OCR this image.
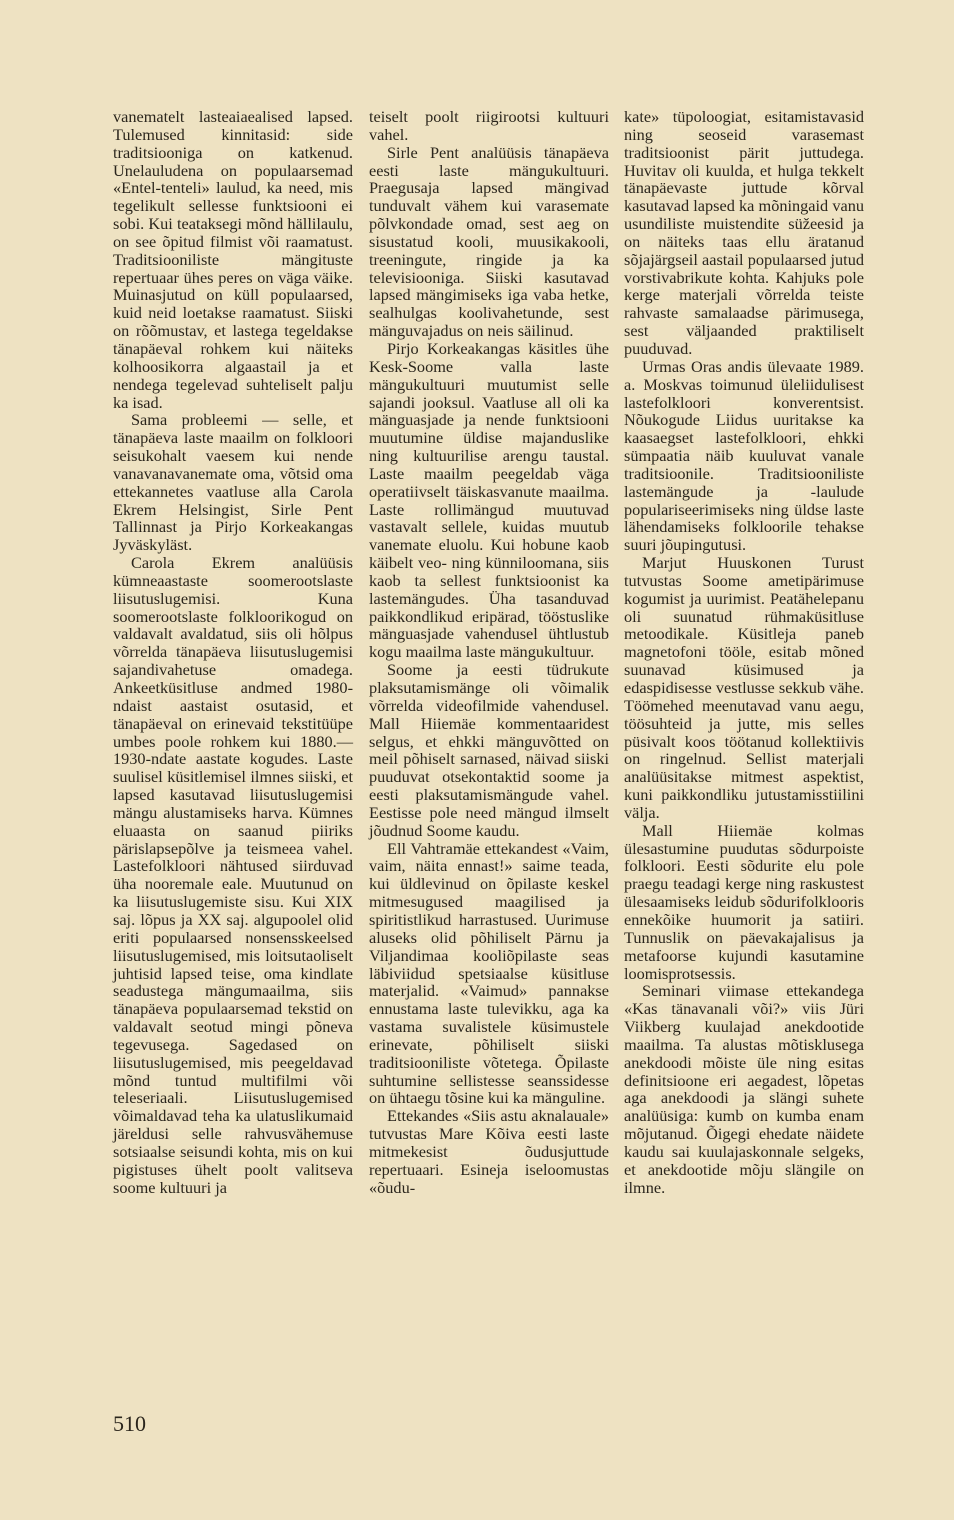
vanematelt lasteaiaealised lapsed. Tulemused kinnitasid: side traditsiooniga on katkenud. Unelauludena on populaarsemad «Entel-tenteli» laulud, ka need, mis tegelikult sellesse funktsiooni ei sobi. Kui teataksegi mõnd hällilaulu, on see õpitud filmist või raamatust. Traditsiooniliste mängituste repertuaar ühes peres on väga väike. Muinasjutud on küll populaarsed, kuid neid loetakse raamatust. Siiski on rõõmustav, et lastega tegeldakse tänapäeval rohkem kui näiteks kolhoosikorra algaastail ja et nendega tegelevad suhteliselt palju ka isad.

Sama probleemi — selle, et tänapäeva laste maailm on folkloori seisukohalt vaesem kui nende vanavanavanemate oma, võtsid oma ettekannetes vaatluse alla Carola Ekrem Helsingist, Sirle Pent Tallinnast ja Pirjo Korkeakangas Jyväskyläst.

Carola Ekrem analüüsis kümneaastaste soomerootslaste liisutuslugemisi. Kuna soomerootslaste folkloorikogud on valdavalt avaldatud, siis oli hõlpus võrrelda tänapäeva liisutuslugemisi sajandivahetuse omadega. Ankeetküsitluse andmed 1980-ndaist aastaist osutasid, et tänapäeval on erinevaid tekstitüüpe umbes poole rohkem kui 1880.—1930-ndate aastate kogudes. Laste suulisel küsitlemisel ilmnes siiski, et lapsed kasutavad liisutuslugemisi mängu alustamiseks harva. Kümnes eluaasta on saanud piiriks pärislapsepõlve ja teismeea vahel. Lastefolkloori nähtused siirduvad üha nooremale eale. Muutunud on ka liisutuslugemiste sisu. Kui XIX saj. lõpus ja XX saj. algupoolel olid eriti populaarsed nonsensskeelsed liisutuslugemised, mis loitsutaoliselt juhtisid lapsed teise, oma kindlate seadustega mängumaailma, siis tänapäeva populaarsemad tekstid on valdavalt seotud mingi põneva tegevusega. Sagedased on liisutuslugemised, mis peegeldavad mõnd tuntud multifilmi või teleseriaali. Liisutuslugemised võimaldavad teha ka ulatuslikumaid järeldusi selle rahvusvähemuse sotsiaalse seisundi kohta, mis on kui pigistuses ühelt poolt valitseva soome kultuuri ja

teiselt poolt riigirootsi kultuuri vahel.

Sirle Pent analüüsis tänapäeva eesti laste mängukultuuri. Praegusaja lapsed mängivad tunduvalt vähem kui varasemate põlvkondade omad, sest aeg on sisustatud kooli, muusikakooli, treeningute, ringide ja ka televisiooniga. Siiski kasutavad lapsed mängimiseks iga vaba hetke, sealhulgas koolivahetunde, sest mänguvajadus on neis säilinud.

Pirjo Korkeakangas käsitles ühe Kesk-Soome valla laste mängukultuuri muutumist selle sajandi jooksul. Vaatluse all oli ka mänguasjade ja nende funktsiooni muutumine üldise majanduslike ning kultuurilise arengu taustal. Laste maailm peegeldab väga operatiivselt täiskasvanute maailma. Laste rollimängud muutuvad vastavalt sellele, kuidas muutub vanemate eluolu. Kui hobune kaob käibelt veo- ning künniloomana, siis kaob ta sellest funktsioonist ka lastemängudes. Üha tasanduvad paikkondlikud eripärad, tööstuslike mänguasjade vahendusel ühtlustub kogu maailma laste mängukultuur.

Soome ja eesti tüdrukute plaksutamismänge oli võimalik võrrelda videofilmide vahendusel. Mall Hiiemäe kommentaaridest selgus, et ehkki mänguvõtted on meil põhiselt sarnased, näivad siiski puuduvat otsekontaktid soome ja eesti plaksutamismängude vahel. Eestisse pole need mängud ilmselt jõudnud Soome kaudu.

Ell Vahtramäe ettekandest «Vaim, vaim, näita ennast!» saime teada, kui üldlevinud on õpilaste keskel mitmesugused maagilised ja spiritistlikud harrastused. Uurimuse aluseks olid põhiliselt Pärnu ja Viljandimaa kooliõpilaste seas läbiviidud spetsiaalse küsitluse materjalid. «Vaimud» pannakse ennustama laste tulevikku, aga ka vastama suvalistele küsimustele erinevate, põhiliselt siiski traditsiooniliste võtetega. Õpilaste suhtumine sellistesse seanssidesse on ühtaegu tõsine kui ka mänguline.

Ettekandes «Siis astu aknalauale» tutvustas Mare Kõiva eesti laste mitmekesist õudusjuttude repertuaari. Esineja iseloomustas «õudu-

kate» tüpoloogiat, esitamistavasid ning seoseid varasemast traditsioonist pärit juttudega. Huvitav oli kuulda, et hulga tekkelt tänapäevaste juttude kõrval kasutavad lapsed ka mõningaid vanu usundiliste muistendite süžeesid ja on näiteks taas ellu äratanud sõjajärgseil aastail populaarsed jutud vorstivabrikute kohta. Kahjuks pole kerge materjali võrrelda teiste rahvaste samalaadse pärimusega, sest väljaanded praktiliselt puuduvad.

Urmas Oras andis ülevaate 1989. a. Moskvas toimunud üleliidulisest lastefolkloori konverentsist. Nõukogude Liidus uuritakse ka kaasaegset lastefolkloori, ehkki sümpaatia näib kuuluvat vanale traditsioonile. Traditsiooniliste lastemängude ja -laulude populariseerimiseks ning üldse laste lähendamiseks folkloorile tehakse suuri jõupingutusi.

Marjut Huuskonen Turust tutvustas Soome ametipärimuse kogumist ja uurimist. Peatähelepanu oli suunatud rühmaküsitluse metoodikale. Küsitleja paneb magnetofoni tööle, esitab mõned suunavad küsimused ja edaspidisesse vestlusse sekkub vähe. Töömehed meenutavad vanu aegu, töösuhteid ja jutte, mis selles püsivalt koos töötanud kollektiivis on ringelnud. Sellist materjali analüüsitakse mitmest aspektist, kuni paikkondliku jutustamisstiilini välja.

Mall Hiiemäe kolmas ülesastumine puudutas sõdurpoiste folkloori. Eesti sõdurite elu pole praegu teadagi kerge ning raskustest ülesaamiseks leidub sõdurifolklooris ennekõike huumorit ja satiiri. Tunnuslik on päevakajalisus ja metafoorse kujundi kasutamine loomisprotsessis.

Seminari viimase ettekandega «Kas tänavanali või?» viis Jüri Viikberg kuulajad anekdootide maailma. Ta alustas mõtisklusega anekdoodi mõiste üle ning esitas definitsioone eri aegadest, lõpetas aga anekdoodi ja slängi suhete analüüsiga: kumb on kumba enam mõjutanud. Õigegi ehedate näidete kaudu sai kuulajaskonnale selgeks, et anekdootide mõju slängile on ilmne.

510
